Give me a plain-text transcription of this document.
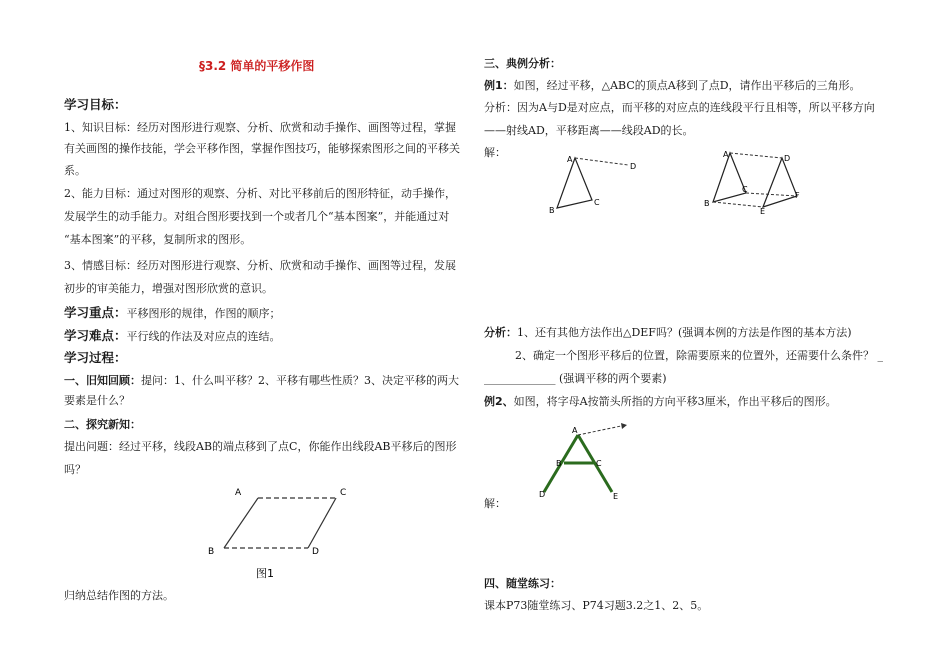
§3.2 简单的平移作图
学习目标：
1、知识目标：经历对图形进行观察、分析、欣赏和动手操作、画图等过程，掌握
有关画图的操作技能，学会平移作图，掌握作图技巧，能够探索图形之间的平移关
系。
2、能力目标：通过对图形的观察、分析、对比平移前后的图形特征，动手操作，
发展学生的动手能力。对组合图形要找到一个或者几个“基本图案”，并能通过对
“基本图案”的平移，复制所求的图形。
3、情感目标：经历对图形进行观察、分析、欣赏和动手操作、画图等过程，发展
初步的审美能力，增强对图形欣赏的意识。
学习重点：平移图形的规律，作图的顺序；
学习难点：平行线的作法及对应点的连结。
学习过程：
一、旧知回顾：提问：1、什么叫平移？2、平移有哪些性质？3、决定平移的两大
要素是什么？
二、探究新知：
提出问题：经过平移，线段AB的端点移到了点C，你能作出线段AB平移后的图形
吗？
A	C
B	D
图1
归纳总结作图的方法。
三、典例分析：
例1：如图，经过平移，△ABC的顶点A移到了点D，请作出平移后的三角形。
分析：因为A与D是对应点，而平移的对应点的连线段平行且相等，所以平移方向
——射线AD，平移距离——线段AD的长。
解：
A
D
B
C
A	D
B
C
E
F
分析：1、还有其他方法作出△DEF吗？(强调本例的方法是作图的基本方法)
2、确定一个图形平移后的位置，除需要原来的位置外，还需要什么条件？ _
_____________ (强调平移的两个要素)
例2、如图，将字母A按箭头所指的方向平移3厘米，作出平移后的图形。
A
B	C
D	E
解：
四、随堂练习：
课本P73随堂练习、P74习题3.2之1、2、5。
